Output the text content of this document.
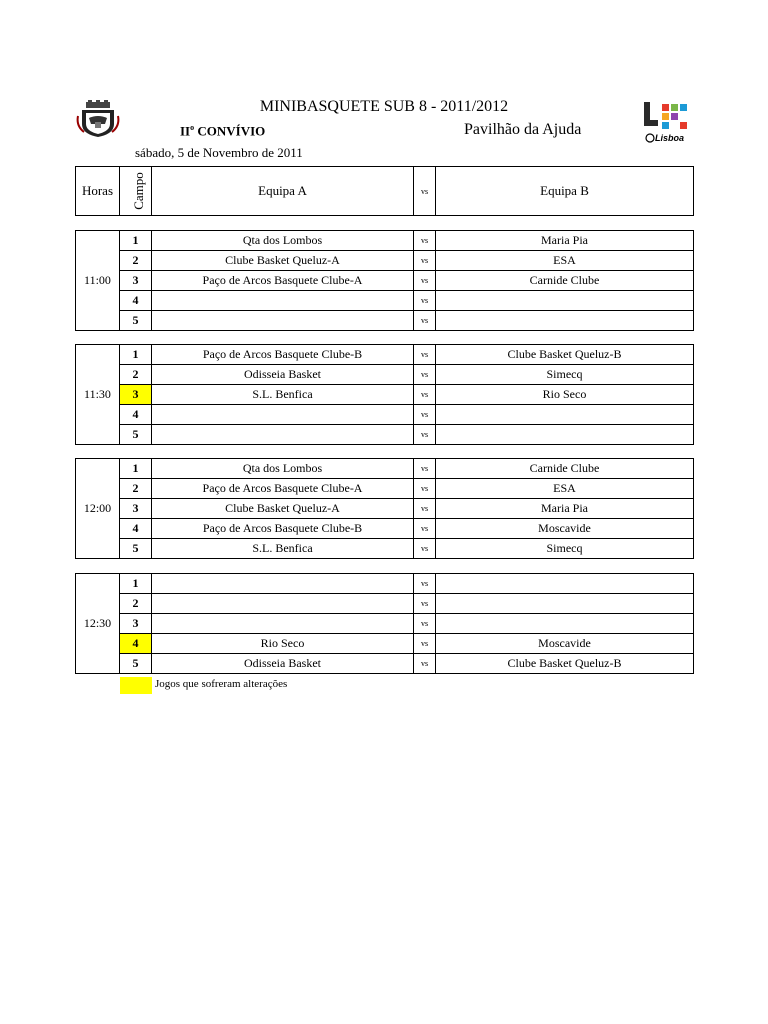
MINIBASQUETE SUB 8 - 2011/2012
$II^o$ CONVÍVIO	Pavilhão da Ajuda
sábado, 5 de Novembro de 2011
Lisboa
Horas	Campo	Equipa A	vs	Equipa B
11:00	1	Qta dos Lombos	vs	Maria Pia
	2	Clube Basket Queluz-A	vs	ESA
	3	Paço de Arcos Basquete Clube-A	vs	Carnide Clube
	4		vs	
	5		vs	
11:30	1	Paço de Arcos Basquete Clube-B	vs	Clube Basket Queluz-B
	2	Odisseia Basket	vs	Simecq
	3	S.L. Benfica	vs	Rio Seco
	4		vs	
	5		vs	
12:00	1	Qta dos Lombos	vs	Carnide Clube
	2	Paço de Arcos Basquete Clube-A	vs	ESA
	3	Clube Basket Queluz-A	vs	Maria Pia
	4	Paço de Arcos Basquete Clube-B	vs	Moscavide
	5	S.L. Benfica	vs	Simecq
12:30	1		vs	
	2		vs	
	3		vs	
	4	Rio Seco	vs	Moscavide
	5	Odisseia Basket	vs	Clube Basket Queluz-B
Jogos que sofreram alterações
